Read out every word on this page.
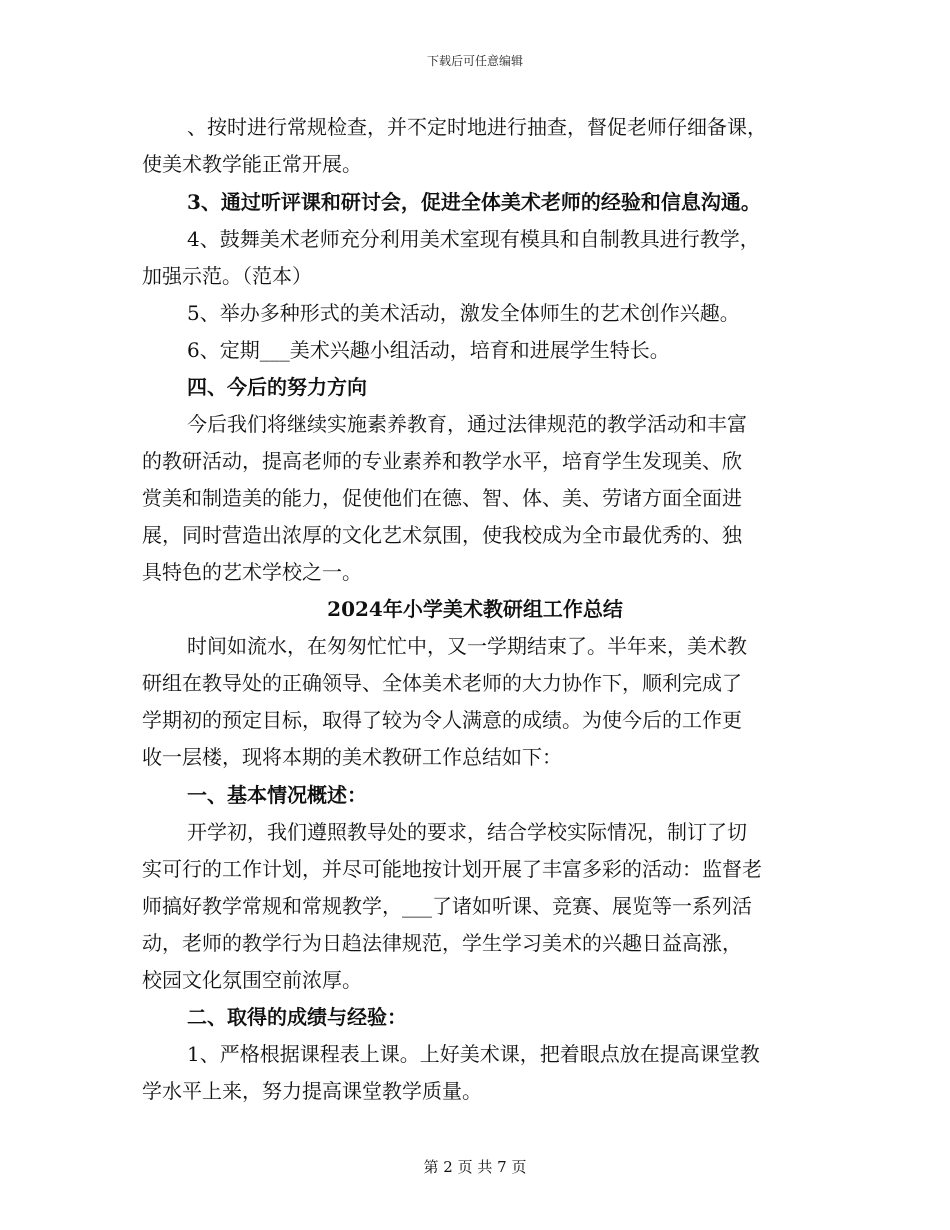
下载后可任意编辑
、按时进行常规检查，并不定时地进行抽查，督促老师仔细备课，
使美术教学能正常开展。
3、通过听评课和研讨会，促进全体美术老师的经验和信息沟通。
4、鼓舞美术老师充分利用美术室现有模具和自制教具进行教学，
加强示范。（范本）
5、举办多种形式的美术活动，激发全体师生的艺术创作兴趣。
6、定期___美术兴趣小组活动，培育和进展学生特长。
四、今后的努力方向
今后我们将继续实施素养教育，通过法律规范的教学活动和丰富
的教研活动，提高老师的专业素养和教学水平，培育学生发现美、欣
赏美和制造美的能力，促使他们在德、智、体、美、劳诸方面全面进
展，同时营造出浓厚的文化艺术氛围，使我校成为全市最优秀的、独
具特色的艺术学校之一。
2024年小学美术教研组工作总结
时间如流水，在匆匆忙忙中，又一学期结束了。半年来，美术教
研组在教导处的正确领导、全体美术老师的大力协作下，顺利完成了
学期初的预定目标，取得了较为令人满意的成绩。为使今后的工作更
收一层楼，现将本期的美术教研工作总结如下：
一、基本情况概述：
开学初，我们遵照教导处的要求，结合学校实际情况，制订了切
实可行的工作计划，并尽可能地按计划开展了丰富多彩的活动：监督老
师搞好教学常规和常规教学，___了诸如听课、竞赛、展览等一系列活
动，老师的教学行为日趋法律规范，学生学习美术的兴趣日益高涨，
校园文化氛围空前浓厚。
二、取得的成绩与经验：
1、严格根据课程表上课。上好美术课，把着眼点放在提高课堂教
学水平上来，努力提高课堂教学质量。
第 2 页 共 7 页
